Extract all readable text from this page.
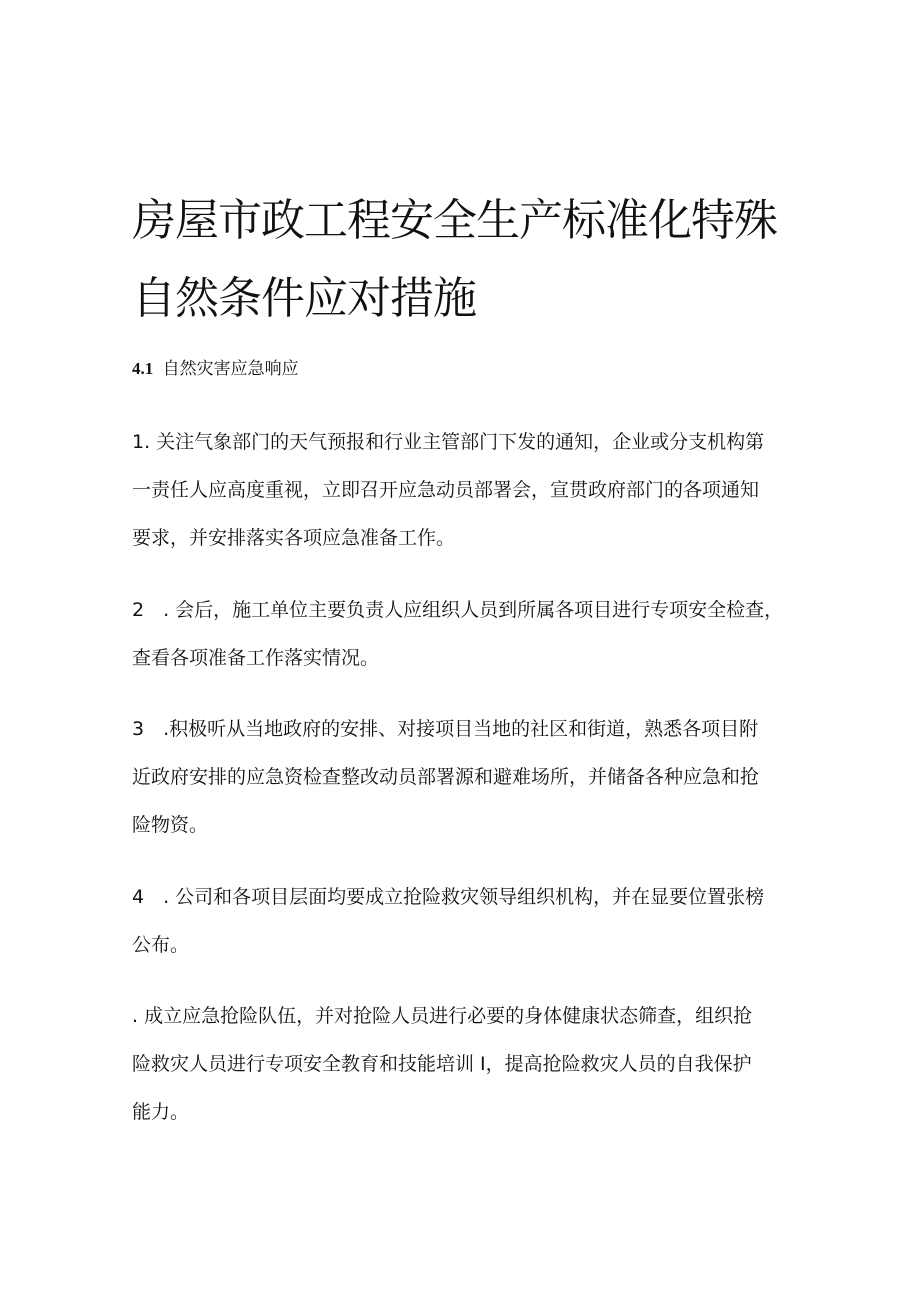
房屋市政工程安全生产标准化特殊
自然条件应对措施
4.1 自然灾害应急响应

1. 关注气象部门的天气预报和行业主管部门下发的通知，企业或分支机构第
一责任人应高度重视，立即召开应急动员部署会，宣贯政府部门的各项通知
要求，并安排落实各项应急准备工作。

2　. 会后，施工单位主要负责人应组织人员到所属各项目进行专项安全检查，
查看各项准备工作落实情况。

3　.积极听从当地政府的安排、对接项目当地的社区和街道，熟悉各项目附
近政府安排的应急资检查整改动员部署源和避难场所，并储备各种应急和抢
险物资。

4　. 公司和各项目层面均要成立抢险救灾领导组织机构，并在显要位置张榜
公布。

. 成立应急抢险队伍，并对抢险人员进行必要的身体健康状态筛查，组织抢
险救灾人员进行专项安全教育和技能培训 I，提高抢险救灾人员的自我保护
能力。
